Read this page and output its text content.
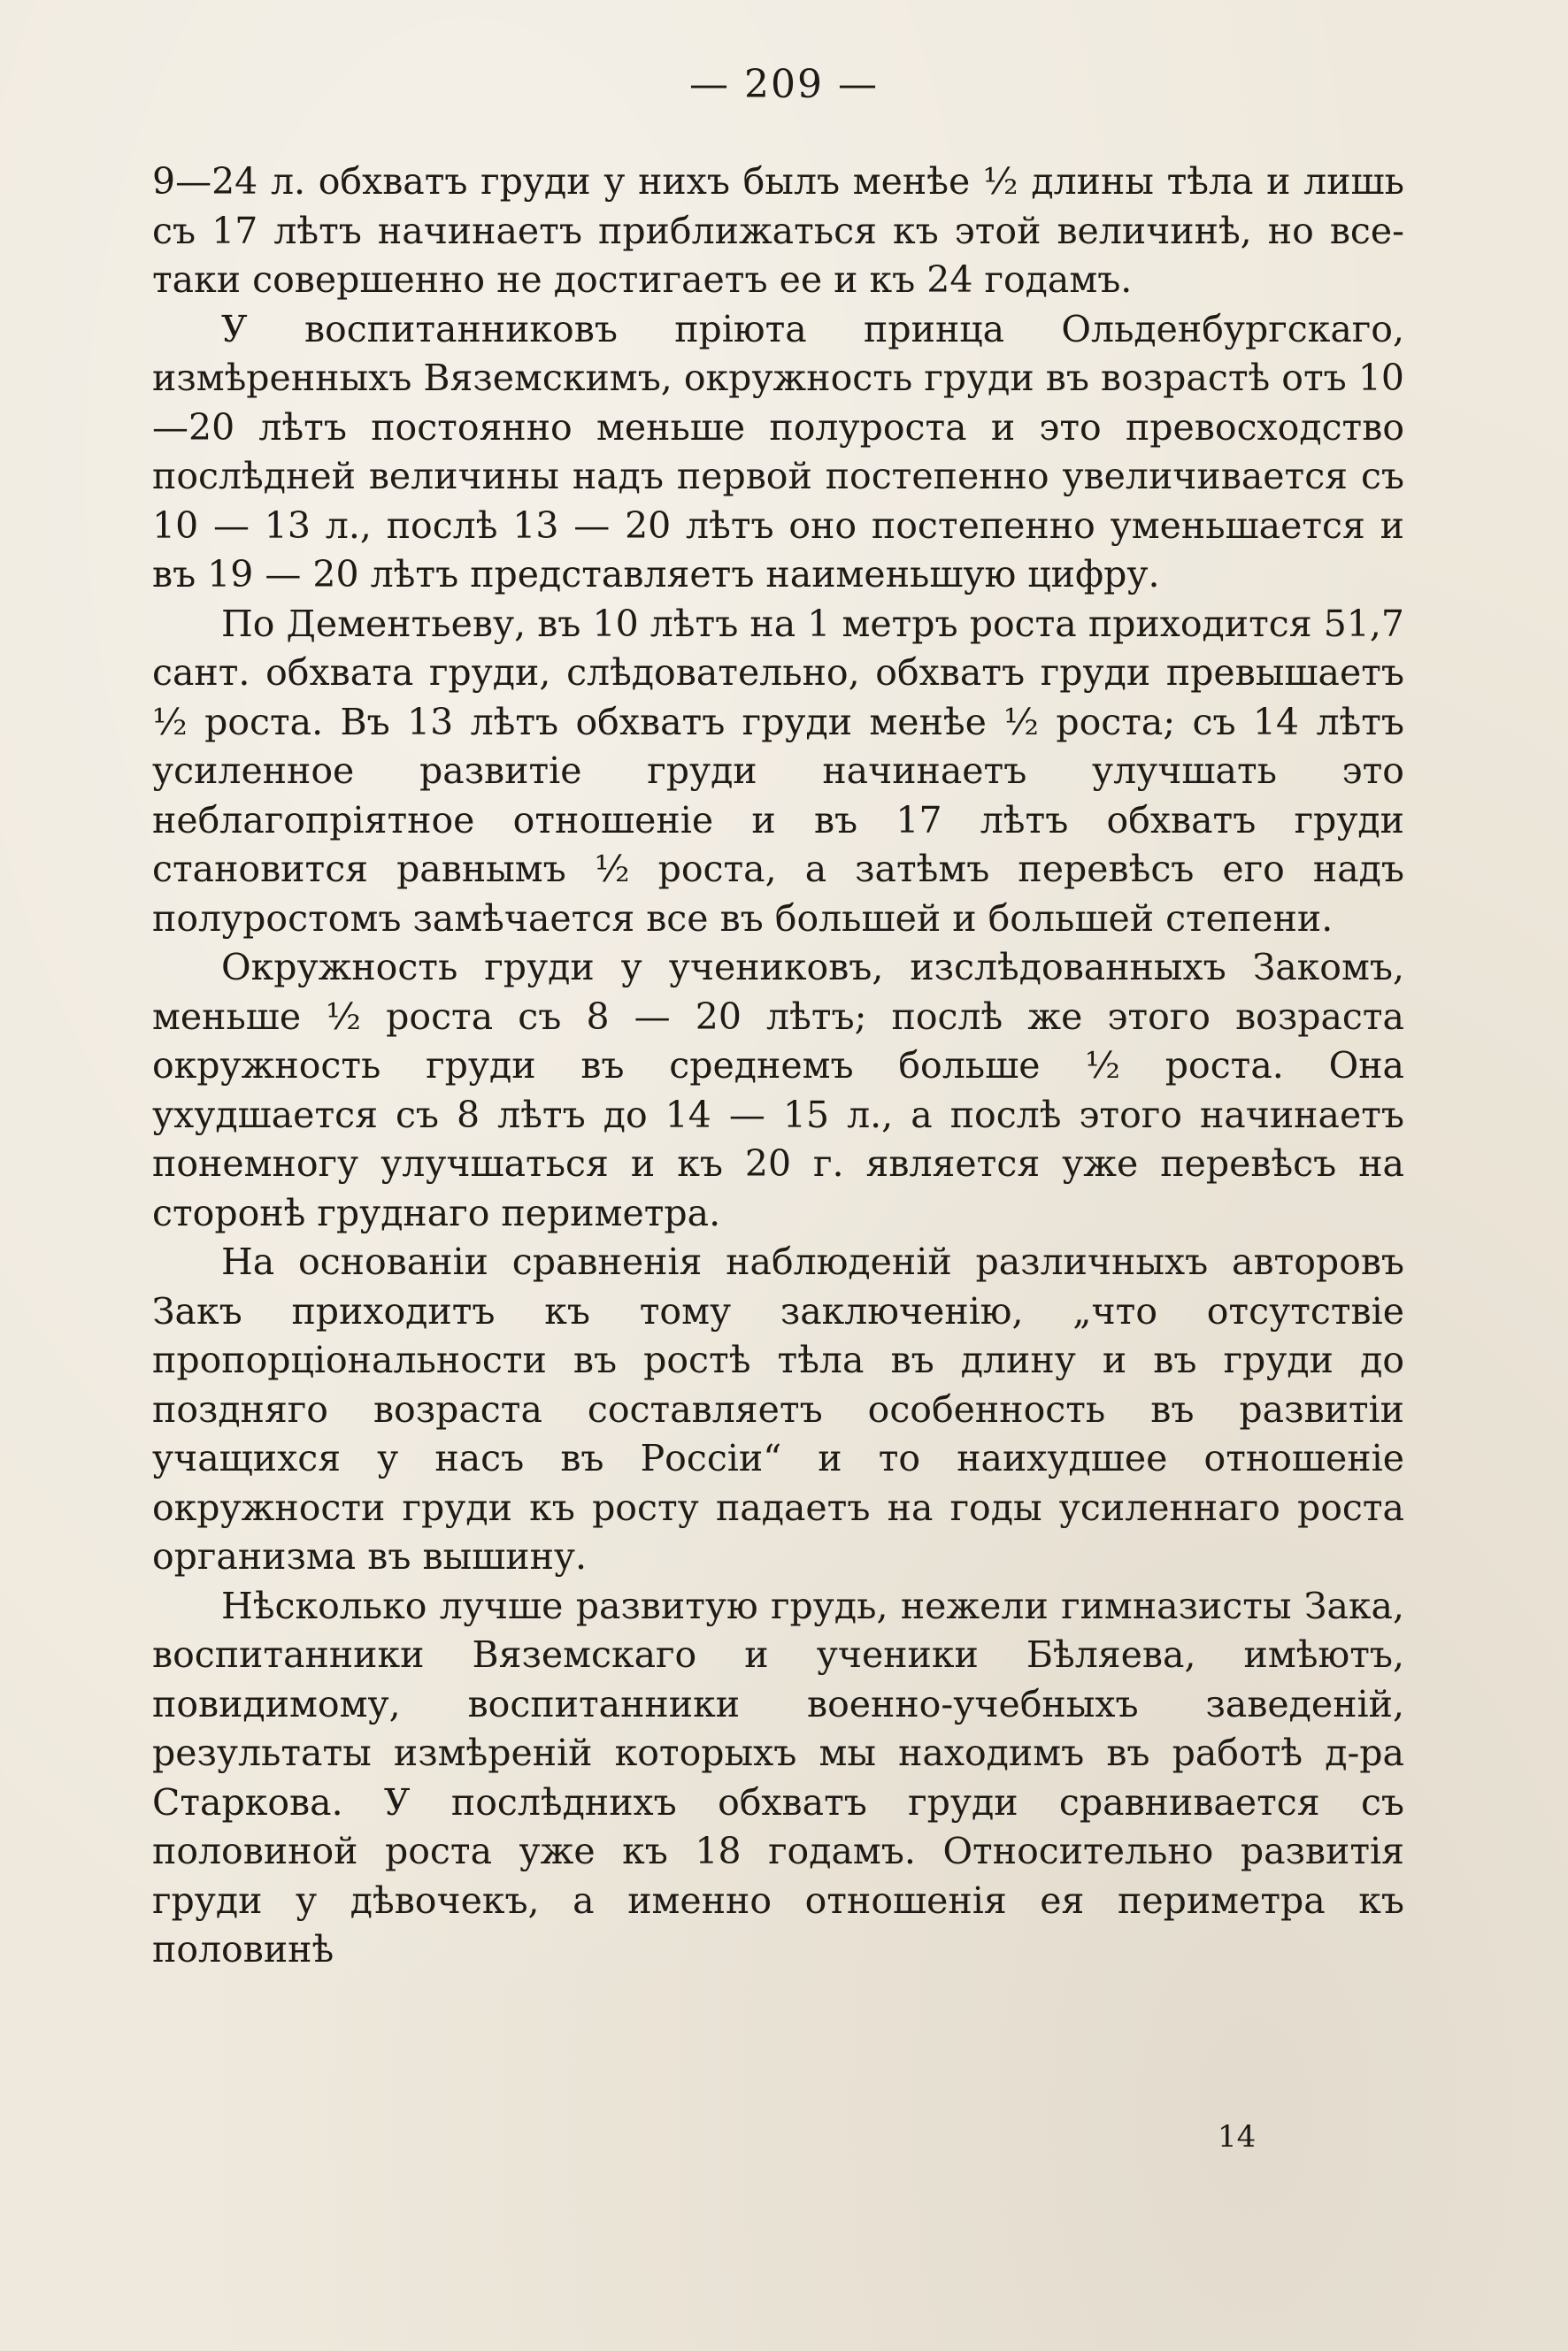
— 209 —

9—24 л. обхватъ груди у нихъ былъ менѣе ½ длины тѣла и лишь съ 17 лѣтъ начинаетъ приближаться къ этой величинѣ, но все-таки совершенно не достигаетъ ее и къ 24 годамъ.

У воспитанниковъ пріюта принца Ольденбургскаго, измѣренныхъ Вяземскимъ, окружность груди въ возрастѣ отъ 10—20 лѣтъ постоянно меньше полуроста и это превосходство послѣдней величины надъ первой постепенно увеличивается съ 10 — 13 л., послѣ 13 — 20 лѣтъ оно постепенно уменьшается и въ 19 — 20 лѣтъ представляетъ наименьшую цифру.

По Дементьеву, въ 10 лѣтъ на 1 метръ роста приходится 51,7 сант. обхвата груди, слѣдовательно, обхватъ груди превышаетъ ½ роста. Въ 13 лѣтъ обхватъ груди менѣе ½ роста; съ 14 лѣтъ усиленное развитіе груди начинаетъ улучшать это неблагопріятное отношеніе и въ 17 лѣтъ обхватъ груди становится равнымъ ½ роста, а затѣмъ перевѣсъ его надъ полуростомъ замѣчается все въ большей и большей степени.

Окружность груди у учениковъ, изслѣдованныхъ Закомъ, меньше ½ роста съ 8 — 20 лѣтъ; послѣ же этого возраста окружность груди въ среднемъ больше ½ роста. Она ухудшается съ 8 лѣтъ до 14 — 15 л., а послѣ этого начинаетъ понемногу улучшаться и къ 20 г. является уже перевѣсъ на сторонѣ груднаго периметра.

На основаніи сравненія наблюденій различныхъ авторовъ Закъ приходитъ къ тому заключенію, „что отсутствіе пропорціональности въ ростѣ тѣла въ длину и въ груди до поздняго возраста составляетъ особенность въ развитіи учащихся у насъ въ Россіи“ и то наихудшее отношеніе окружности груди къ росту падаетъ на годы усиленнаго роста организма въ вышину.

Нѣсколько лучше развитую грудь, нежели гимназисты Зака, воспитанники Вяземскаго и ученики Бѣляева, имѣютъ, повидимому, воспитанники военно-учебныхъ заведеній, результаты измѣреній которыхъ мы находимъ въ работѣ д-ра Старкова. У послѣднихъ обхватъ груди сравнивается съ половиной роста уже къ 18 годамъ. Относительно развитія груди у дѣвочекъ, а именно отношенія ея периметра къ половинѣ

14
